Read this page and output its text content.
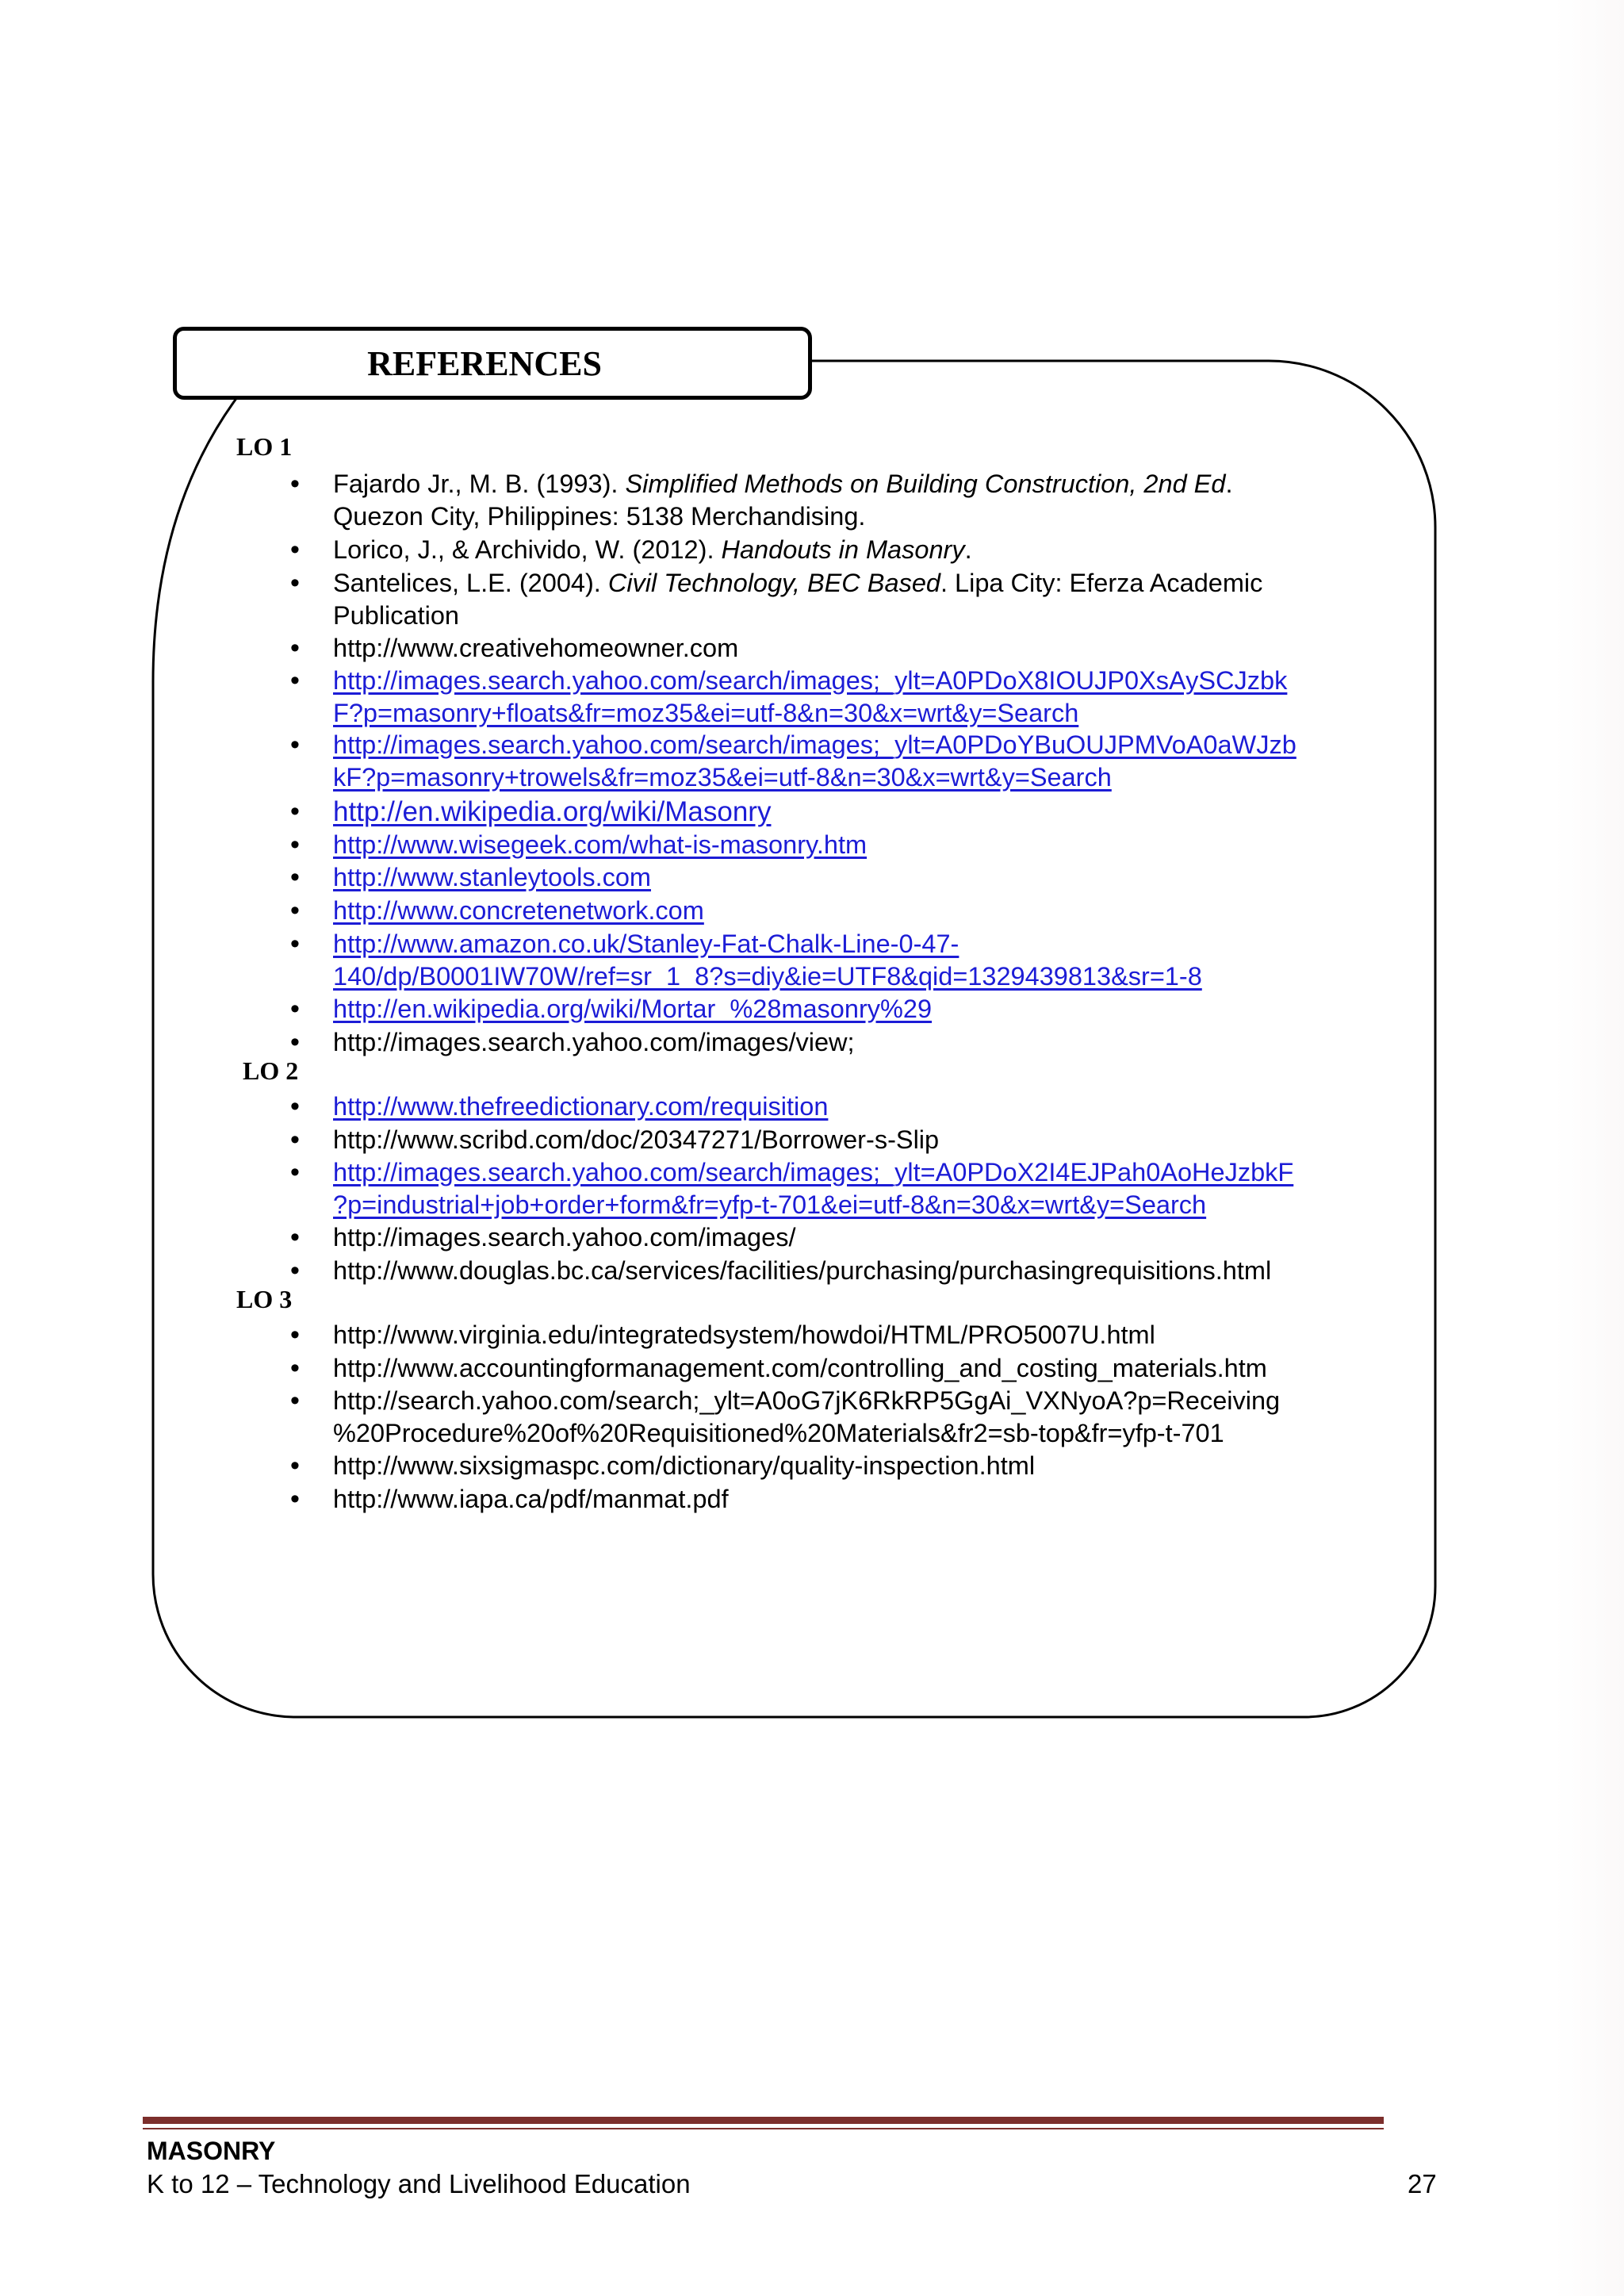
REFERENCES
LO 1
• Fajardo Jr., M. B. (1993). Simplified Methods on Building Construction, 2nd Ed.
Quezon City, Philippines: 5138 Merchandising.
• Lorico, J., & Archivido, W. (2012). Handouts in Masonry.
• Santelices, L.E. (2004). Civil Technology, BEC Based. Lipa City: Eferza Academic
Publication
• http://www.creativehomeowner.com
• http://images.search.yahoo.com/search/images;_ylt=A0PDoX8IOUJP0XsAySCJzbk
F?p=masonry+floats&fr=moz35&ei=utf-8&n=30&x=wrt&y=Search
• http://images.search.yahoo.com/search/images;_ylt=A0PDoYBuOUJPMVoA0aWJzb
kF?p=masonry+trowels&fr=moz35&ei=utf-8&n=30&x=wrt&y=Search
• http://en.wikipedia.org/wiki/Masonry
• http://www.wisegeek.com/what-is-masonry.htm
• http://www.stanleytools.com
• http://www.concretenetwork.com
• http://www.amazon.co.uk/Stanley-Fat-Chalk-Line-0-47-
140/dp/B0001IW70W/ref=sr_1_8?s=diy&ie=UTF8&qid=1329439813&sr=1-8
• http://en.wikipedia.org/wiki/Mortar_%28masonry%29
• http://images.search.yahoo.com/images/view;
LO 2
• http://www.thefreedictionary.com/requisition
• http://www.scribd.com/doc/20347271/Borrower-s-Slip
• http://images.search.yahoo.com/search/images;_ylt=A0PDoX2I4EJPah0AoHeJzbkF
?p=industrial+job+order+form&fr=yfp-t-701&ei=utf-8&n=30&x=wrt&y=Search
• http://images.search.yahoo.com/images/
• http://www.douglas.bc.ca/services/facilities/purchasing/purchasingrequisitions.html
LO 3
• http://www.virginia.edu/integratedsystem/howdoi/HTML/PRO5007U.html
• http://www.accountingformanagement.com/controlling_and_costing_materials.htm
• http://search.yahoo.com/search;_ylt=A0oG7jK6RkRP5GgAi_VXNyoA?p=Receiving
%20Procedure%20of%20Requisitioned%20Materials&fr2=sb-top&fr=yfp-t-701
• http://www.sixsigmaspc.com/dictionary/quality-inspection.html
• http://www.iapa.ca/pdf/manmat.pdf
MASONRY
K to 12 – Technology and Livelihood Education	27
